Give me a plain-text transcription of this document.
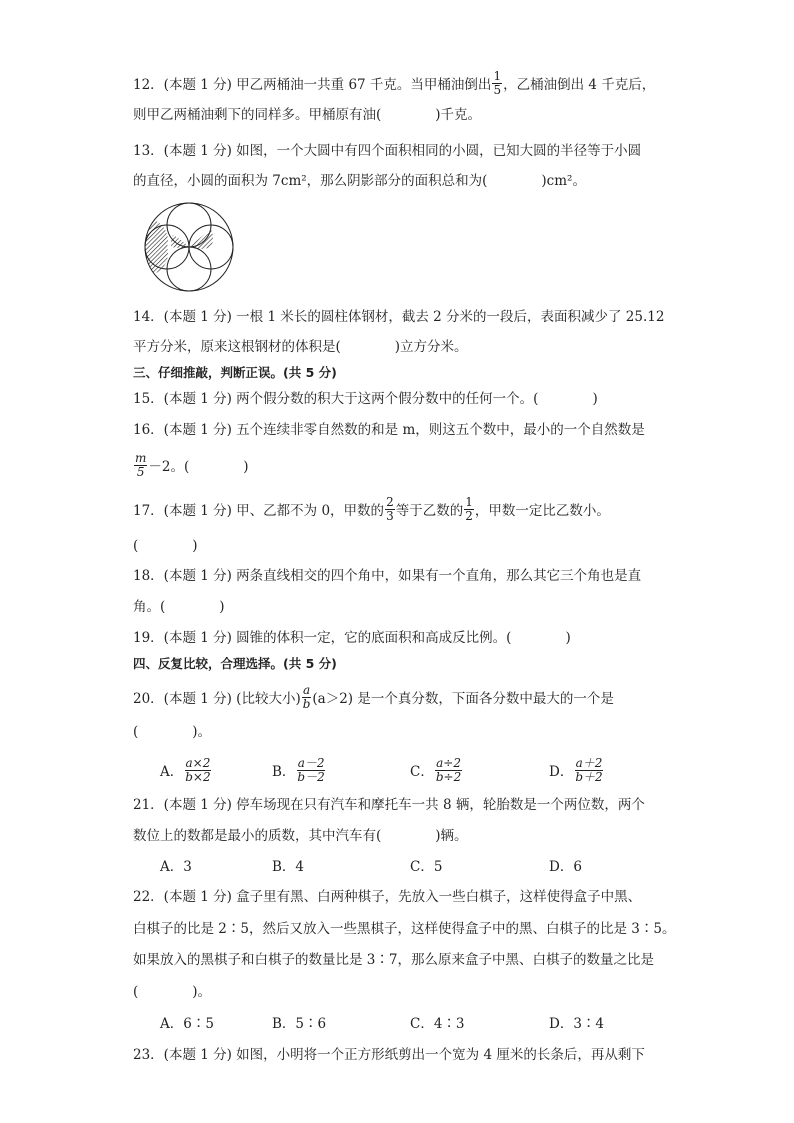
12．(本题 1 分) 甲乙两桶油一共重 67 千克。当甲桶油倒出 $\frac{1}{5}$ ，乙桶油倒出 4 千克后，
则甲乙两桶油剩下的同样多。甲桶原有油(　　　　)千克。
13．(本题 1 分) 如图，一个大圆中有四个面积相同的小圆，已知大圆的半径等于小圆
的直径，小圆的面积为 7cm²，那么阴影部分的面积总和为(　　　　)cm²。
14．(本题 1 分) 一根 1 米长的圆柱体钢材，截去 2 分米的一段后，表面积减少了 25.12
平方分米，原来这根钢材的体积是(　　　　)立方分米。
三、仔细推敲，判断正误。(共 5 分)
15．(本题 1 分) 两个假分数的积大于这两个假分数中的任何一个。(　　　　)
16．(本题 1 分) 五个连续非零自然数的和是 m，则这五个数中，最小的一个自然数是
$\frac{m}{5} -2$。(　　　　)
17．(本题 1 分) 甲、乙都不为 0，甲数的 $\frac{2}{3}$ 等于乙数的 $\frac{1}{2}$ ，甲数一定比乙数小。
(　　　　)
18．(本题 1 分) 两条直线相交的四个角中，如果有一个直角，那么其它三个角也是直
角。(　　　　)
19．(本题 1 分) 圆锥的体积一定，它的底面积和高成反比例。(　　　　)
四、反复比较，合理选择。(共 5 分)
20．(本题 1 分) (比较大小) $\frac{a}{b} (a>2)$ 是一个真分数，下面各分数中最大的一个是
(　　　　)。
A． $\frac{a\times 2}{b\times 2}$	B． $\frac{a-2}{b-2}$	C． $\frac{a\div 2}{b\div 2}$	D． $\frac{a+2}{b+2}$
21．(本题 1 分) 停车场现在只有汽车和摩托车一共 8 辆，轮胎数是一个两位数，两个
数位上的数都是最小的质数，其中汽车有(　　　　)辆。
A．3	B．4	C．5	D．6
22．(本题 1 分) 盒子里有黑、白两种棋子，先放入一些白棋子，这样使得盒子中黑、
白棋子的比是 2∶5，然后又放入一些黑棋子，这样使得盒子中的黑、白棋子的比是 3∶5。
如果放入的黑棋子和白棋子的数量比是 3∶7，那么原来盒子中黑、白棋子的数量之比是
(　　　　)。
A．6∶5	B．5∶6	C．4∶3	D．3∶4
23．(本题 1 分) 如图，小明将一个正方形纸剪出一个宽为 4 厘米的长条后，再从剩下
